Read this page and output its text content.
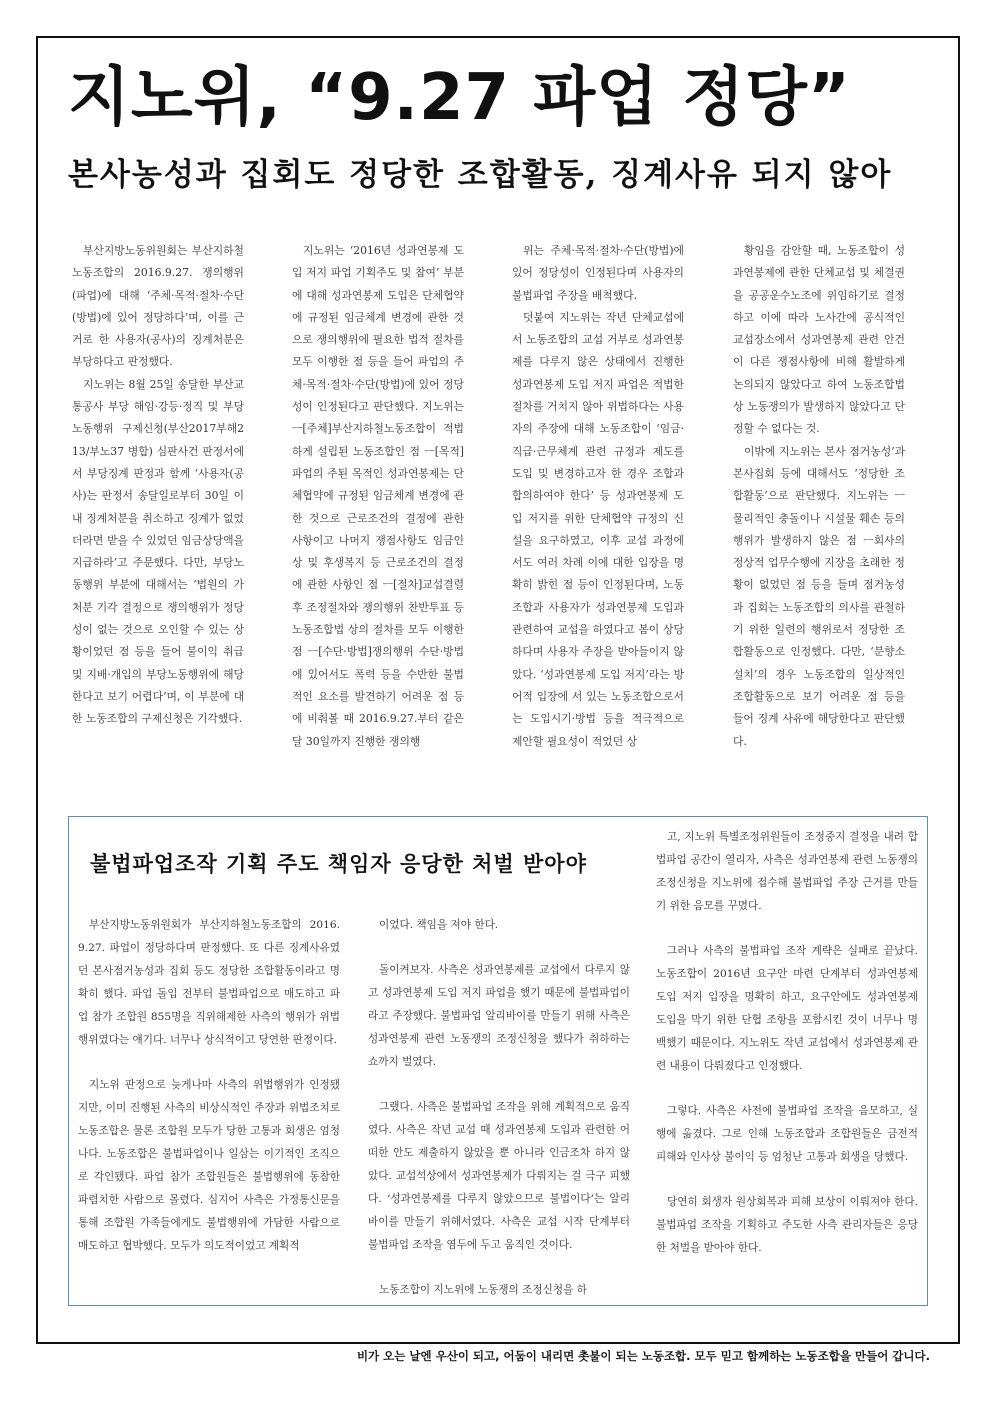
지노위, “9.27 파업 정당”
본사농성과 집회도 정당한 조합활동, 징계사유 되지 않아

부산지방노동위원회는 부산지하철노동조합의 2016.9.27. 쟁의행위(파업)에 대해 ‘주체·목적·절차·수단(방법)에 있어 정당하다’며, 이를 근거로 한 사용자(공사)의 징계처분은 부당하다고 판정했다.

지노위는 8월 25일 송달한 부산교통공사 부당 해임·강등·정직 및 부당노동행위 구제신청(부산2017부해213/부노37 병합) 심판사건 판정서에서 부당징계 판정과 함께 ‘사용자(공사)는 판정서 송달일로부터 30일 이내 징계처분을 취소하고 징계가 없었더라면 받을 수 있었던 임금상당액을 지급하라’고 주문했다. 다만, 부당노동행위 부분에 대해서는 ‘법원의 가처분 기각 결정으로 쟁의행위가 정당성이 없는 것으로 오인할 수 있는 상황이었던 점 등을 들어 불이익 취급 및 지배·개입의 부당노동행위에 해당한다고 보기 어렵다’며, 이 부분에 대한 노동조합의 구제신청은 기각했다.

지노위는 ‘2016년 성과연봉제 도입 저지 파업 기획주도 및 참여’ 부분에 대해 성과연봉제 도입은 단체협약에 규정된 임금체계 변경에 관한 것으로 쟁의행위에 필요한 법적 절차를 모두 이행한 점 등을 들어 파업의 주체·목적·절차·수단(방법)에 있어 정당성이 인정된다고 판단했다. 지노위는 ㅡ[주체]부산지하철노동조합이 적법하게 설립된 노동조합인 점 ㅡ[목적]파업의 주된 목적인 성과연봉제는 단체협약에 규정된 임금체계 변경에 관한 것으로 근로조건의 결정에 관한 사항이고 나머지 쟁점사항도 임금인상 및 후생복지 등 근로조건의 결정에 관한 사항인 점 ㅡ[절차]교섭결렬 후 조정절차와 쟁의행위 찬반투표 등 노동조합법 상의 절차를 모두 이행한 점 ㅡ[수단·방법]쟁의행위 수단·방법에 있어서도 폭력 등을 수반한 불법적인 요소를 발견하기 어려운 점 등에 비춰볼 때 2016.9.27.부터 같은 달 30일까지 진행한 쟁의행

위는 주체·목적·절차·수단(방법)에 있어 정당성이 인정된다며 사용자의 불법파업 주장을 배척했다.

덧붙여 지노위는 작년 단체교섭에서 노동조합의 교섭 거부로 성과연봉제를 다루지 않은 상태에서 진행한 성과연봉제 도입 저지 파업은 적법한 절차를 거치지 않아 위법하다는 사용자의 주장에 대해 노동조합이 ‘임금·직급·근무체계 관련 규정과 제도를 도입 및 변경하고자 한 경우 조합과 합의하여야 한다’ 등 성과연봉제 도입 저지를 위한 단체협약 규정의 신설을 요구하였고, 이후 교섭 과정에서도 여러 차례 이에 대한 입장을 명확히 밝힌 점 등이 인정된다며, 노동조합과 사용자가 성과연봉제 도입과 관련하여 교섭을 하였다고 봄이 상당하다며 사용자 주장을 받아들이지 않았다. ‘성과연봉제 도입 저지’라는 방어적 입장에 서 있는 노동조합으로서는 도입시기·방법 등을 적극적으로 제안할 필요성이 적었던 상

황임을 감안할 때, 노동조합이 성과연봉제에 관한 단체교섭 및 체결권을 공공운수노조에 위임하기로 결정하고 이에 따라 노사간에 공식적인 교섭장소에서 성과연봉제 관련 안건이 다른 쟁점사항에 비해 활발하게 논의되지 않았다고 하여 노동조합법상 노동쟁의가 발생하지 않았다고 단정할 수 없다는 것.

이밖에 지노위는 본사 점거농성’과 본사집회 등에 대해서도 ‘정당한 조합활동’으로 판단했다. 지노위는 ㅡ물리적인 충돌이나 시설물 훼손 등의 행위가 발생하지 않은 점 ㅡ회사의 정상적 업무수행에 지장을 초래한 정황이 없었던 점 등을 들며 점거농성과 집회는 노동조합의 의사를 관철하기 위한 일련의 행위로서 정당한 조합활동으로 인정했다. 다만, ‘분향소 설치’의 경우 노동조합의 일상적인 조합활동으로 보기 어려운 점 등을 들어 징계 사유에 해당한다고 판단했다.

불법파업조작 기획 주도 책임자 응당한 처벌 받아야

부산지방노동위원회가 부산지하철노동조합의 2016.9.27. 파업이 정당하다며 판정했다. 또 다른 징계사유였던 본사점거농성과 집회 등도 정당한 조합활동이라고 명확히 했다. 파업 돌입 전부터 불법파업으로 매도하고 파업 참가 조합원 855명을 직위해제한 사측의 행위가 위법 행위였다는 얘기다. 너무나 상식적이고 당연한 판정이다.

지노위 판정으로 늦게나마 사측의 위법행위가 인정됐지만, 이미 진행된 사측의 비상식적인 주장과 위법조치로 노동조합은 물론 조합원 모두가 당한 고통과 회생은 엄청나다. 노동조합은 불법파업이나 일삼는 이기적인 조직으로 각인됐다. 파업 참가 조합원들은 불법행위에 동참한 파렴치한 사람으로 몰렸다. 심지어 사측은 가정통신문을 통해 조합원 가족들에게도 불법행위에 가담한 사람으로 매도하고 협박했다. 모두가 의도적이었고 계획적

이었다. 책임을 져야 한다.

돌이켜보자. 사측은 성과연봉제를 교섭에서 다루지 않고 성과연봉제 도입 저지 파업을 했기 때문에 불법파업이라고 주장했다. 불법파업 알리바이를 만들기 위해 사측은 성과연봉제 관련 노동쟁의 조정신청을 했다가 취하하는 쇼까지 벌였다.

그랬다. 사측은 불법파업 조작을 위해 계획적으로 움직였다. 사측은 작년 교섭 때 성과연봉제 도입과 관련한 어떠한 안도 제출하지 않았을 뿐 아니라 인금조차 하지 않았다. 교섭석상에서 성과연봉제가 다뤄지는 걸 극구 피했다. ‘성과연봉제를 다루지 않았으므로 불법이다’는 알리바이를 만들기 위해서였다. 사측은 교섭 시작 단계부터 불법파업 조작을 염두에 두고 움직인 것이다.

노동조합이 지노위에 노동쟁의 조정신청을 하

고, 지노위 특별조정위원들이 조정중지 결정을 내려 합법파업 공간이 열리자, 사측은 성과연봉제 관련 노동쟁의 조정신청을 지노위에 접수해 불법파업 주장 근거를 만들기 위한 음모를 꾸몄다.

그러나 사측의 불법파업 조작 계략은 실패로 끝났다. 노동조합이 2016년 요구안 마련 단계부터 성과연봉제 도입 저지 입장을 명확히 하고, 요구안에도 성과연봉제 도입을 막기 위한 단협 조항을 포함시킨 것이 너무나 명백했기 때문이다. 지노위도 작년 교섭에서 성과연봉제 관련 내용이 다뤄졌다고 인정했다.

그렇다. 사측은 사전에 불법파업 조작을 음모하고, 실행에 옮겼다. 그로 인해 노동조합과 조합원들은 금전적 피해와 인사상 불이익 등 엄청난 고통과 회생을 당했다.

당연히 회생자 원상회복과 피해 보상이 이뤄져야 한다. 불법파업 조작을 기획하고 주도한 사측 관리자들은 응당한 처벌을 받아야 한다.

비가 오는 날엔 우산이 되고, 어둠이 내리면 촛불이 되는 노동조합. 모두 믿고 함께하는 노동조합을 만들어 갑니다.
